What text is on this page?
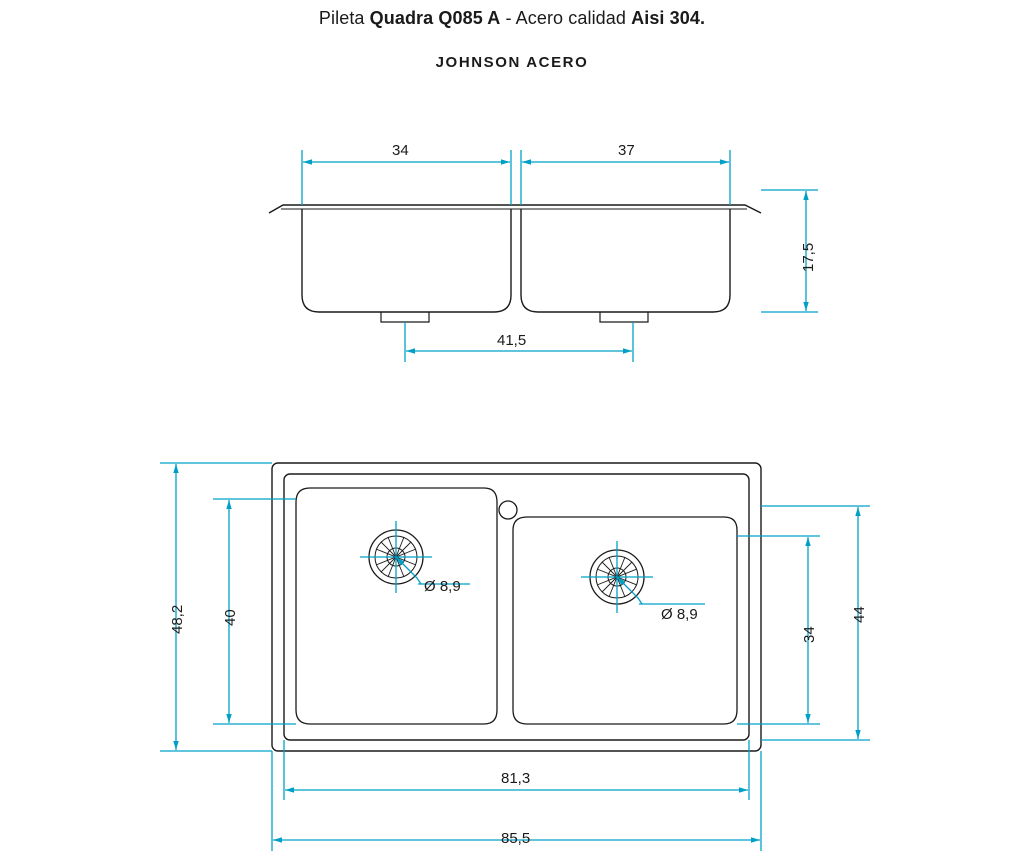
Pileta Quadra Q085 A - Acero calidad Aisi 304.
JOHNSON ACERO
34	37
17,5
41,5
48,2 40	44
34
81,3
85,5
Ø 8,9
Ø 8,9
